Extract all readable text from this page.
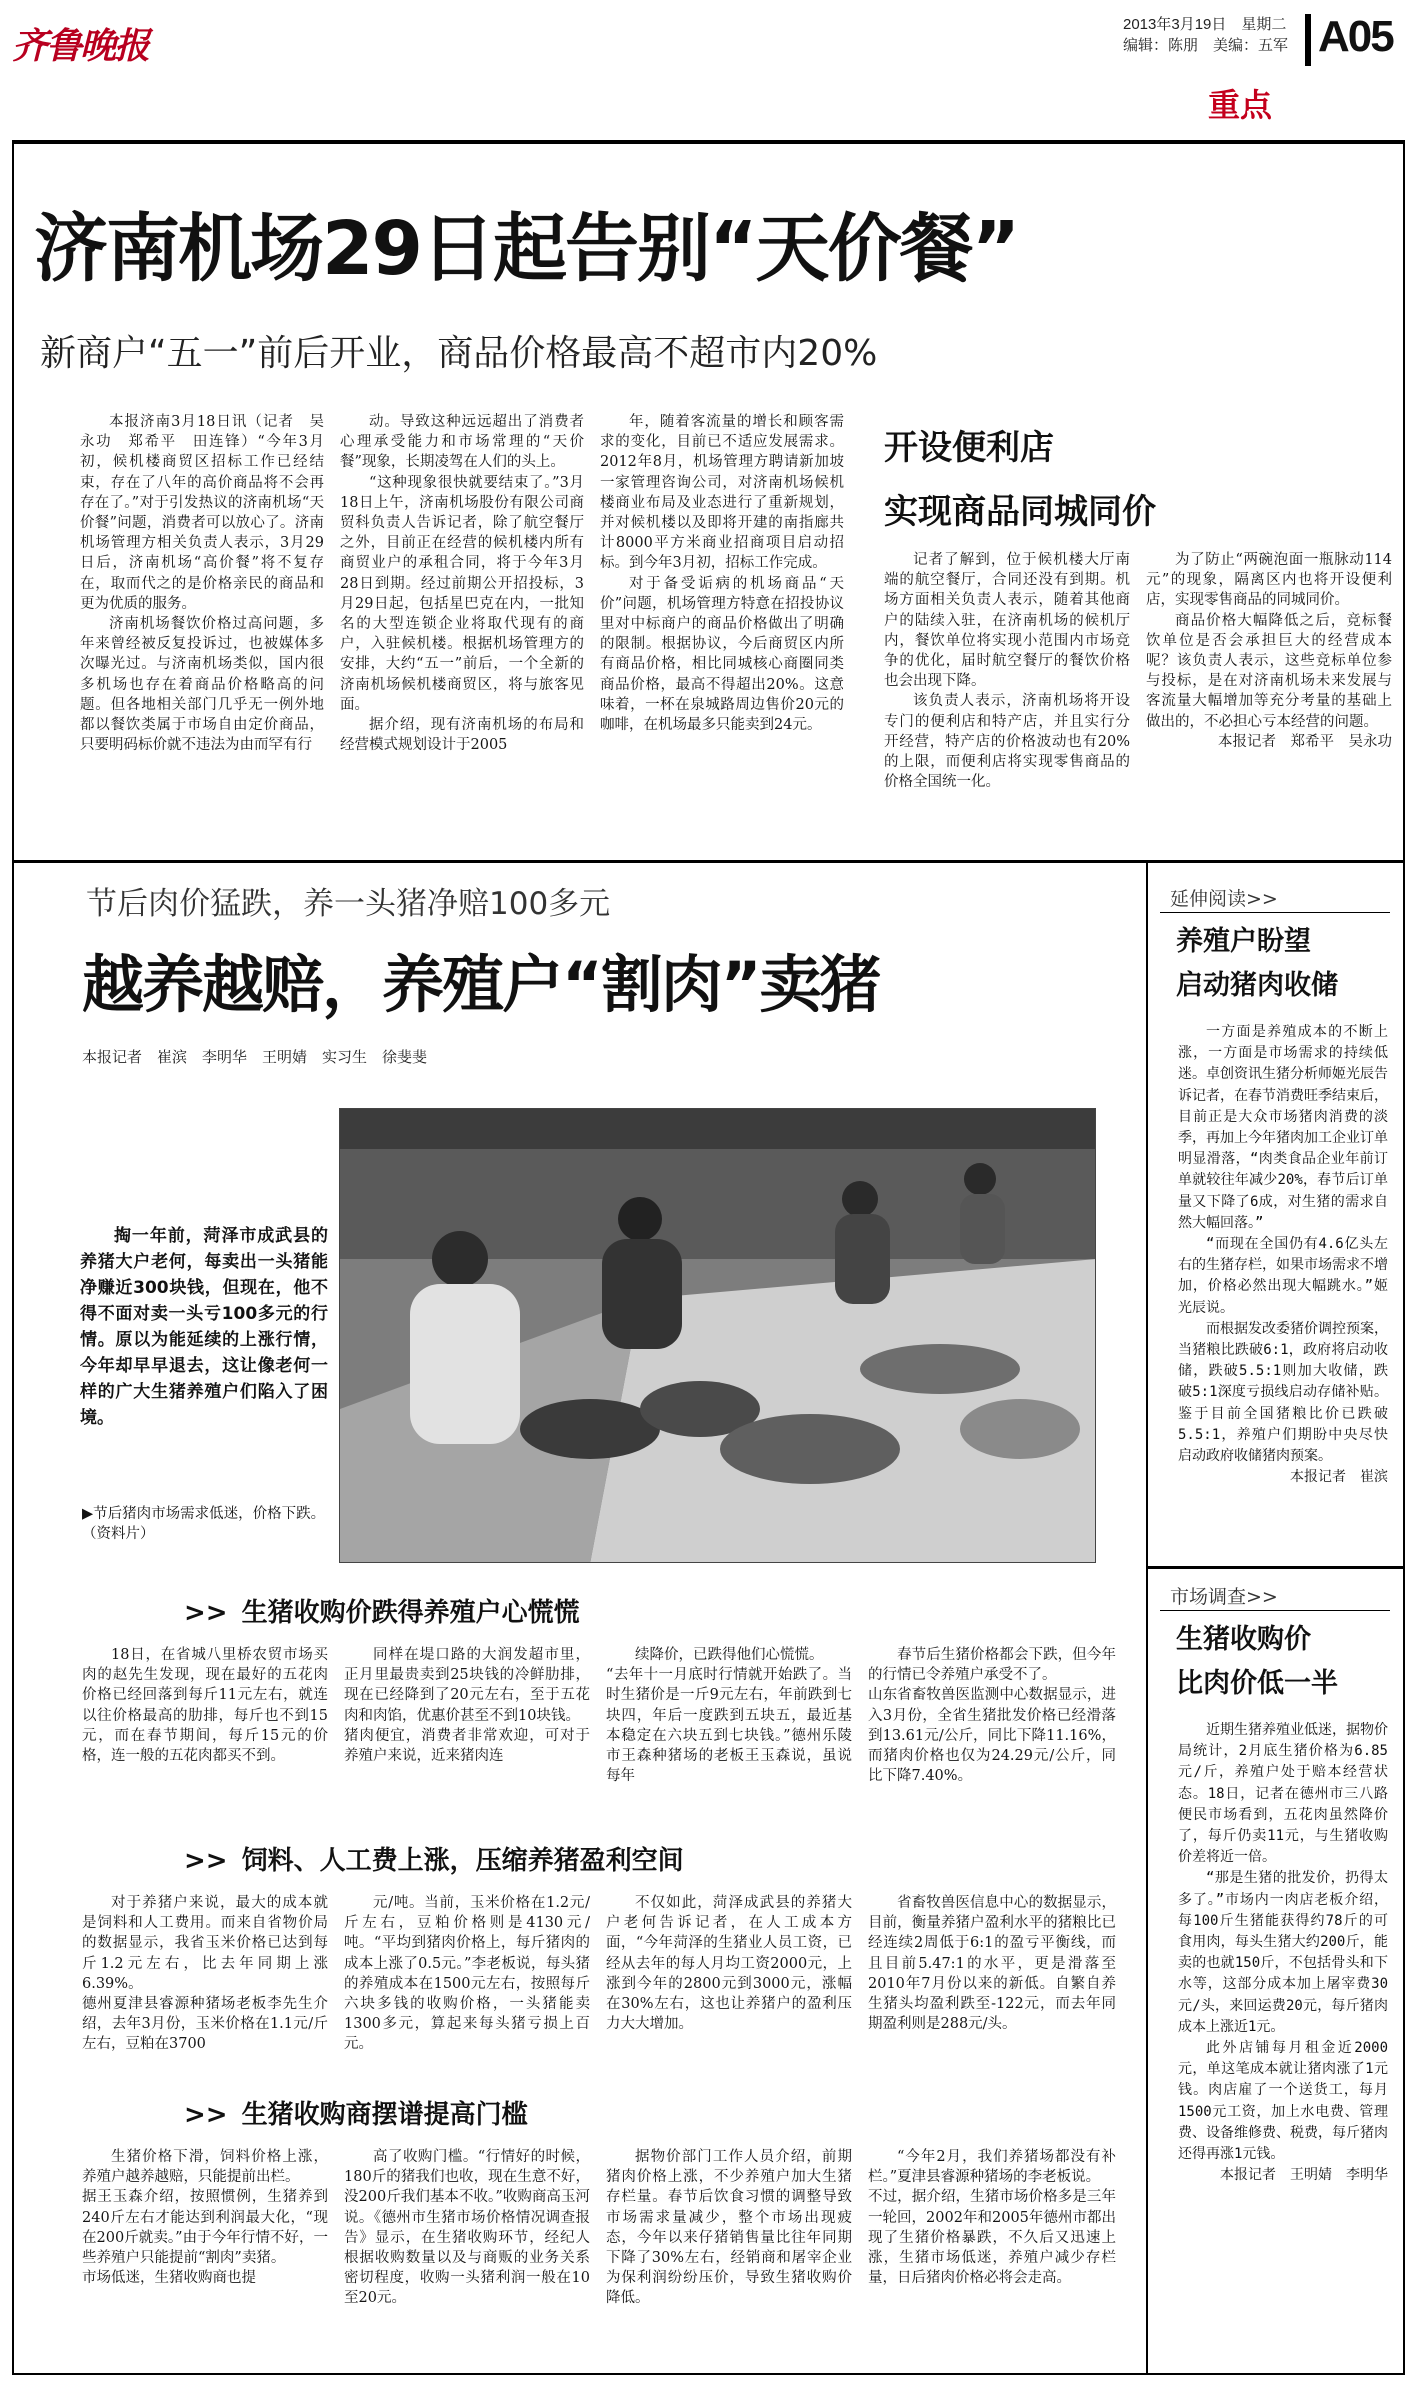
齐鲁晚报
2013年3月19日　星期二
编辑：陈朋　美编：五军 A05
重点
济南机场29日起告别“天价餐”
新商户“五一”前后开业，商品价格最高不超市内20%

本报济南3月18日讯（记者　吴永功　郑希平　田连锋）“今年3月初，候机楼商贸区招标工作已经结束，存在了八年的高价商品将不会再存在了。”对于引发热议的济南机场“天价餐”问题，消费者可以放心了。济南机场管理方相关负责人表示，3月29日后，济南机场“高价餐”将不复存在，取而代之的是价格亲民的商品和更为优质的服务。

济南机场餐饮价格过高问题，多年来曾经被反复投诉过，也被媒体多次曝光过。与济南机场类似，国内很多机场也存在着商品价格略高的问题。但各地相关部门几乎无一例外地都以餐饮类属于市场自由定价商品，只要明码标价就不违法为由而罕有行

动。导致这种远远超出了消费者心理承受能力和市场常理的“天价餐”现象，长期凌驾在人们的头上。

“这种现象很快就要结束了。”3月18日上午，济南机场股份有限公司商贸科负责人告诉记者，除了航空餐厅之外，目前正在经营的候机楼内所有商贸业户的承租合同，将于今年3月28日到期。经过前期公开招投标，3月29日起，包括星巴克在内，一批知名的大型连锁企业将取代现有的商户，入驻候机楼。根据机场管理方的安排，大约“五一”前后，一个全新的济南机场候机楼商贸区，将与旅客见面。

据介绍，现有济南机场的布局和经营模式规划设计于2005

年，随着客流量的增长和顾客需求的变化，目前已不适应发展需求。2012年8月，机场管理方聘请新加坡一家管理咨询公司，对济南机场候机楼商业布局及业态进行了重新规划，并对候机楼以及即将开建的南指廊共计8000平方米商业招商项目启动招标。到今年3月初，招标工作完成。

对于备受诟病的机场商品“天价”问题，机场管理方特意在招投协议里对中标商户的商品价格做出了明确的限制。根据协议，今后商贸区内所有商品价格，相比同城核心商圈同类商品价格，最高不得超出20%。这意味着，一杯在泉城路周边售价20元的咖啡，在机场最多只能卖到24元。

开设便利店
实现商品同城同价

记者了解到，位于候机楼大厅南端的航空餐厅，合同还没有到期。机场方面相关负责人表示，随着其他商户的陆续入驻，在济南机场的候机厅内，餐饮单位将实现小范围内市场竞争的优化，届时航空餐厅的餐饮价格也会出现下降。

该负责人表示，济南机场将开设专门的便利店和特产店，并且实行分开经营，特产店的价格波动也有20%的上限，而便利店将实现零售商品的价格全国统一化。

为了防止“两碗泡面一瓶脉动114元”的现象，隔离区内也将开设便利店，实现零售商品的同城同价。

商品价格大幅降低之后，竞标餐饮单位是否会承担巨大的经营成本呢？该负责人表示，这些竞标单位参与投标，是在对济南机场未来发展与客流量大幅增加等充分考量的基础上做出的，不必担心亏本经营的问题。

本报记者　郑希平　吴永功

节后肉价猛跌，养一头猪净赔100多元
越养越赔，养殖户“割肉”卖猪
本报记者　崔滨　李明华　王明婧　实习生　徐斐斐

掏一年前，菏泽市成武县的养猪大户老何，每卖出一头猪能净赚近300块钱，但现在，他不得不面对卖一头亏100多元的行情。原以为能延续的上涨行情，今年却早早退去，这让像老何一样的广大生猪养殖户们陷入了困境。

▶节后猪肉市场需求低迷，价格下跌。（资料片）
>> 生猪收购价跌得养殖户心慌慌

18日，在省城八里桥农贸市场买肉的赵先生发现，现在最好的五花肉价格已经回落到每斤11元左右，就连以往价格最高的肋排，每斤也不到15元，而在春节期间，每斤15元的价格，连一般的五花肉都买不到。

同样在堤口路的大润发超市里，正月里最贵卖到25块钱的冷鲜肋排，现在已经降到了20元左右，至于五花肉和肉馅，优惠价甚至不到10块钱。
猪肉便宜，消费者非常欢迎，可对于养殖户来说，近来猪肉连

续降价，已跌得他们心慌慌。
“去年十一月底时行情就开始跌了。当时生猪价是一斤9元左右，年前跌到七块四，年后一度跌到五块五，最近基本稳定在六块五到七块钱。”德州乐陵市王森种猪场的老板王玉森说，虽说每年

春节后生猪价格都会下跌，但今年的行情已令养殖户承受不了。
山东省畜牧兽医监测中心数据显示，进入3月份，全省生猪批发价格已经滑落到13.61元/公斤，同比下降11.16%，而猪肉价格也仅为24.29元/公斤，同比下降7.40%。

>> 饲料、人工费上涨，压缩养猪盈利空间

对于养猪户来说，最大的成本就是饲料和人工费用。而来自省物价局的数据显示，我省玉米价格已达到每斤1.2元左右，比去年同期上涨6.39%。
德州夏津县睿源种猪场老板李先生介绍，去年3月份，玉米价格在1.1元/斤左右，豆粕在3700

元/吨。当前，玉米价格在1.2元/斤左右，豆粕价格则是4130元/吨。“平均到猪肉价格上，每斤猪肉的成本上涨了0.5元。”李老板说，每头猪的养殖成本在1500元左右，按照每斤六块多钱的收购价格，一头猪能卖1300多元，算起来每头猪亏损上百元。

不仅如此，菏泽成武县的养猪大户老何告诉记者，在人工成本方面，“今年菏泽的生猪业人员工资，已经从去年的每人月均工资2000元，上涨到今年的2800元到3000元，涨幅在30%左右，这也让养猪户的盈利压力大大增加。

省畜牧兽医信息中心的数据显示，目前，衡量养猪户盈利水平的猪粮比已经连续2周低于6:1的盈亏平衡线，而且目前5.47:1的水平，更是滑落至2010年7月份以来的新低。自繁自养生猪头均盈利跌至-122元，而去年同期盈利则是288元/头。

>> 生猪收购商摆谱提高门槛

生猪价格下滑，饲料价格上涨，养殖户越养越赔，只能提前出栏。
据王玉森介绍，按照惯例，生猪养到240斤左右才能达到利润最大化，“现在200斤就卖。”由于今年行情不好，一些养殖户只能提前“割肉”卖猪。
市场低迷，生猪收购商也提

高了收购门槛。“行情好的时候，180斤的猪我们也收，现在生意不好，没200斤我们基本不收。”收购商高玉河说。《德州市生猪市场价格情况调查报告》显示，在生猪收购环节，经纪人根据收购数量以及与商贩的业务关系密切程度，收购一头猪利润一般在10至20元。

据物价部门工作人员介绍，前期猪肉价格上涨，不少养殖户加大生猪存栏量。春节后饮食习惯的调整导致市场需求量减少，整个市场出现疲态，今年以来仔猪销售量比往年同期下降了30%左右，经销商和屠宰企业为保利润纷纷压价，导致生猪收购价降低。

“今年2月，我们养猪场都没有补栏。”夏津县睿源种猪场的李老板说。
不过，据介绍，生猪市场价格多是三年一轮回，2002年和2005年德州市都出现了生猪价格暴跌，不久后又迅速上涨，生猪市场低迷，养殖户减少存栏量，日后猪肉价格必将会走高。

延伸阅读>>
养殖户盼望
启动猪肉收储

一方面是养殖成本的不断上涨，一方面是市场需求的持续低迷。卓创资讯生猪分析师姬光辰告诉记者，在春节消费旺季结束后，目前正是大众市场猪肉消费的淡季，再加上今年猪肉加工企业订单明显滑落，“肉类食品企业年前订单就较往年减少20%，春节后订单量又下降了6成，对生猪的需求自然大幅回落。”

“而现在全国仍有4.6亿头左右的生猪存栏，如果市场需求不增加，价格必然出现大幅跳水。”姬光辰说。

而根据发改委猪价调控预案，当猪粮比跌破6:1，政府将启动收储，跌破5.5:1则加大收储，跌破5:1深度亏损线启动存储补贴。鉴于目前全国猪粮比价已跌破5.5:1，养殖户们期盼中央尽快启动政府收储猪肉预案。

本报记者　崔滨

市场调查>>
生猪收购价
比肉价低一半

近期生猪养殖业低迷，据物价局统计，2月底生猪价格为6.85元/斤，养殖户处于赔本经营状态。18日，记者在德州市三八路便民市场看到，五花肉虽然降价了，每斤仍卖11元，与生猪收购价差将近一倍。

“那是生猪的批发价，扔得太多了。”市场内一肉店老板介绍，每100斤生猪能获得约78斤的可食用肉，每头生猪大约200斤，能卖的也就150斤，不包括骨头和下水等，这部分成本加上屠宰费30元/头，来回运费20元，每斤猪肉成本上涨近1元。

此外店铺每月租金近2000元，单这笔成本就让猪肉涨了1元钱。肉店雇了一个送货工，每月1500元工资，加上水电费、管理费、设备维修费、税费，每斤猪肉还得再涨1元钱。

本报记者　王明婧　李明华
